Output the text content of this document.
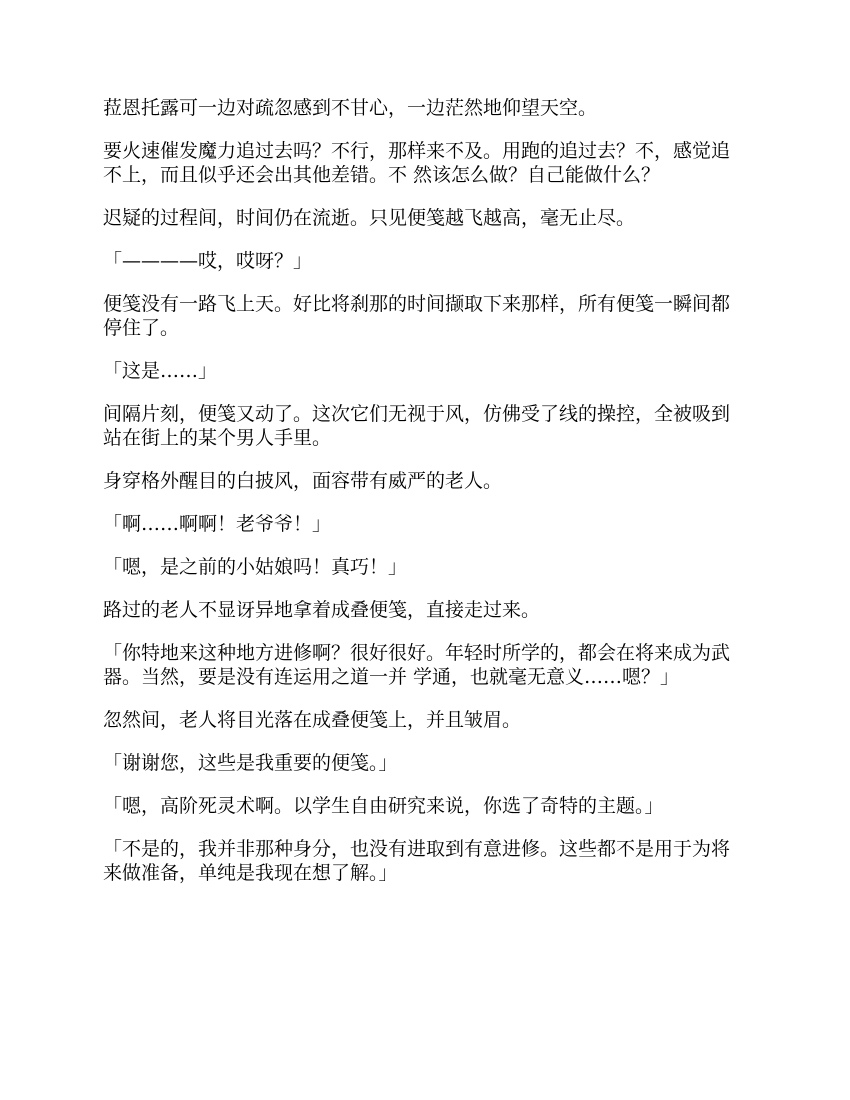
菈恩托露可一边对疏忽感到不甘心，一边茫然地仰望天空。

要火速催发魔力追过去吗？不行，那样来不及。用跑的追过去？不，感觉追不上，而且似乎还会出其他差错。不 然该怎么做？自己能做什么？

迟疑的过程间，时间仍在流逝。只见便笺越飞越高，毫无止尽。

「————哎，哎呀？」

便笺没有一路飞上天。好比将刹那的时间撷取下来那样，所有便笺一瞬间都停住了。

「这是……」

间隔片刻，便笺又动了。这次它们无视于风，仿佛受了线的操控，全被吸到站在街上的某个男人手里。

身穿格外醒目的白披风，面容带有威严的老人。

「啊……啊啊！老爷爷！」

「嗯，是之前的小姑娘吗！真巧！」

路过的老人不显讶异地拿着成叠便笺，直接走过来。

「你特地来这种地方进修啊？很好很好。年轻时所学的，都会在将来成为武器。当然，要是没有连运用之道一并 学通，也就毫无意义……嗯？」

忽然间，老人将目光落在成叠便笺上，并且皱眉。

「谢谢您，这些是我重要的便笺。」

「嗯，高阶死灵术啊。以学生自由研究来说，你选了奇特的主题。」

「不是的，我并非那种身分，也没有进取到有意进修。这些都不是用于为将来做准备，单纯是我现在想了解。」
